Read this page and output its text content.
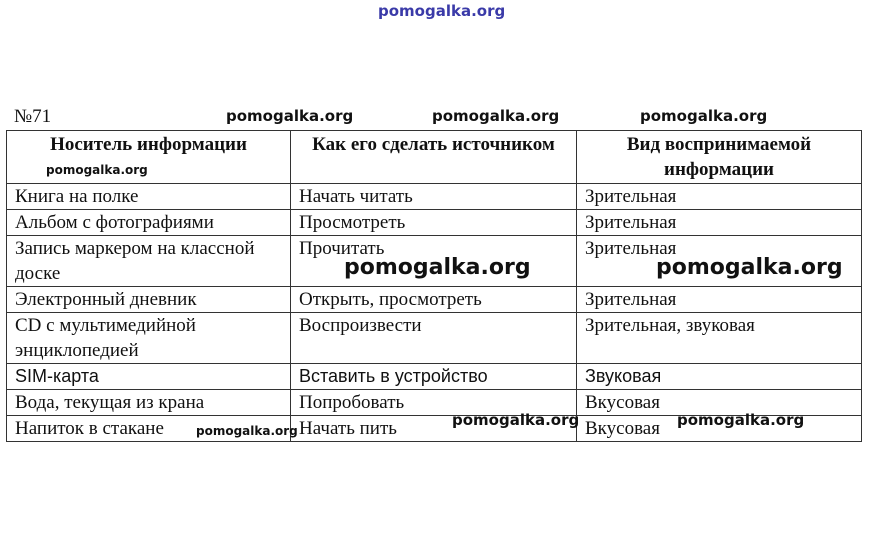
pomogalka.org
№71	pomogalka.org	pomogalka.org	pomogalka.org
Носитель информации	Как его сделать источником	Вид воспринимаемой информации
Книга на полке	Начать читать	Зрительная
Альбом с фотографиями	Просмотреть	Зрительная
Запись маркером на классной доске	Прочитать	Зрительная
Электронный дневник	Открыть, просмотреть	Зрительная
CD с мультимедийной энциклопедией	Воспроизвести	Зрительная, звуковая
SIM-карта	Вставить в устройство	Звуковая
Вода, текущая из крана	Попробовать	Вкусовая
Напиток в стакане	Начать пить	Вкусовая
pomogalka.org
pomogalka.org	pomogalka.org
pomogalka.org
pomogalka.org	pomogalka.org
